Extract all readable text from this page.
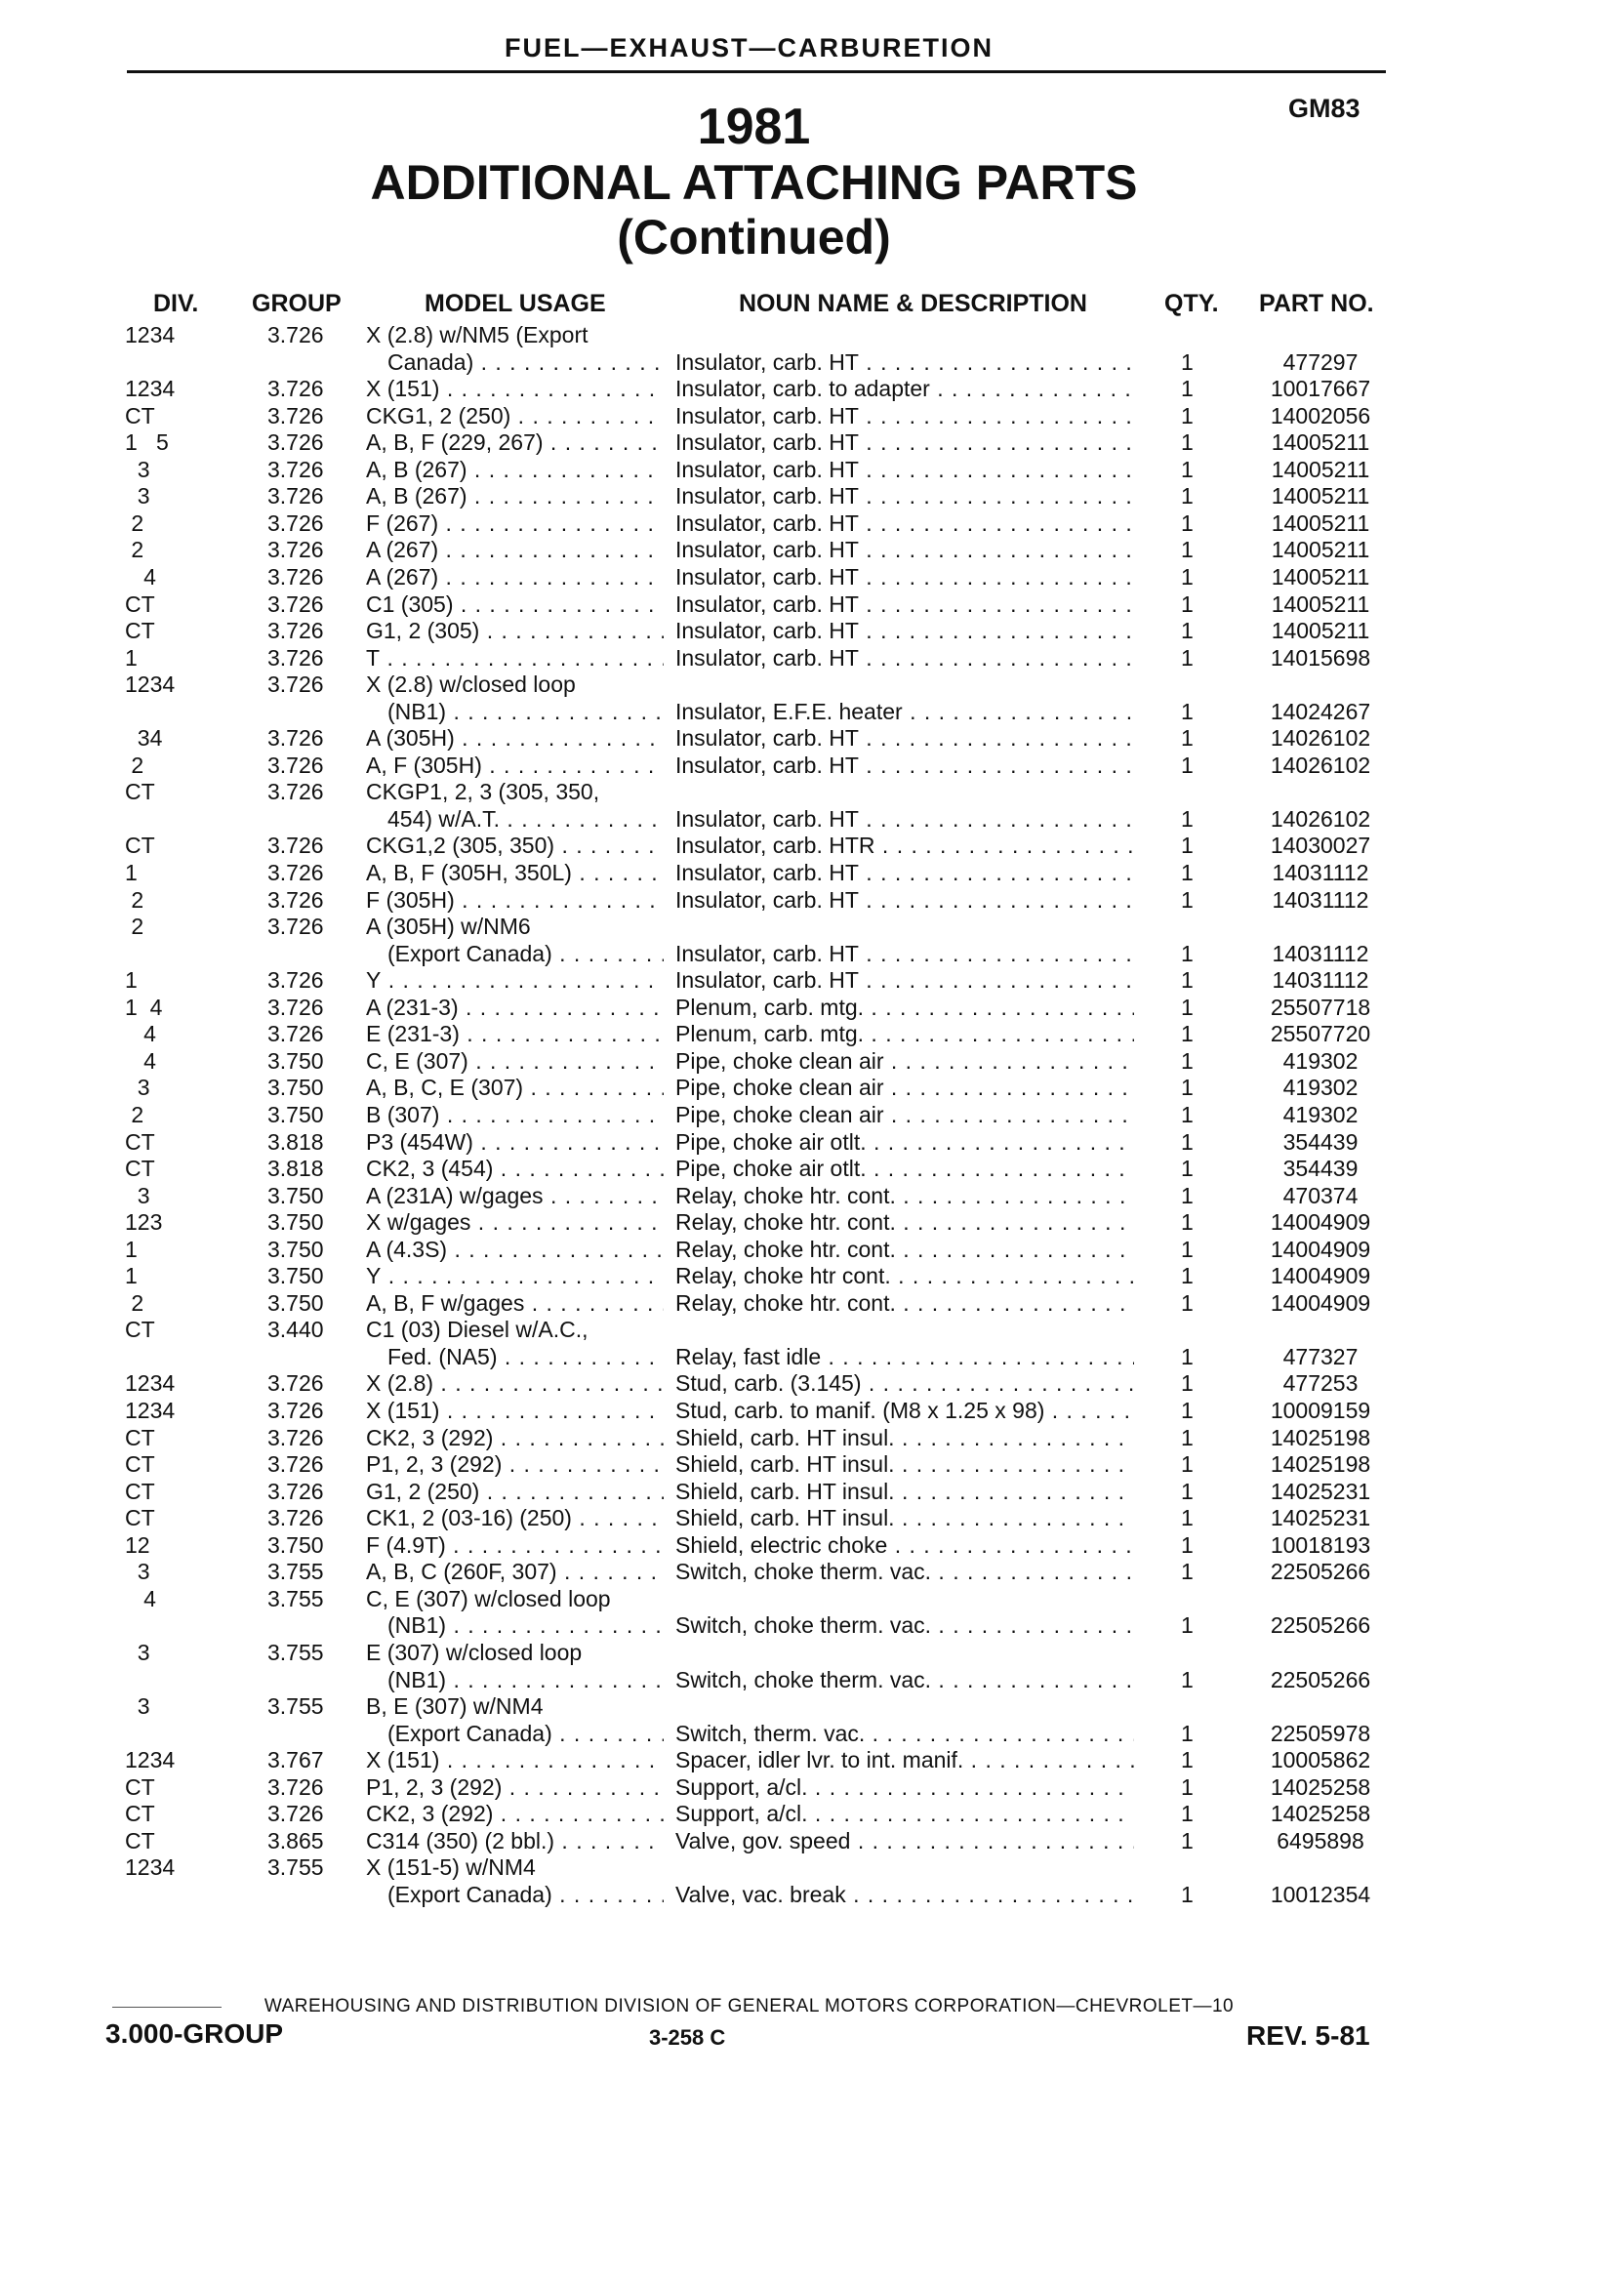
FUEL—EXHAUST—CARBURETION
GM83
1981
ADDITIONAL ATTACHING PARTS
(Continued)
DIV. GROUP	MODEL USAGE	NOUN NAME & DESCRIPTION	QTY. PART NO.
1234	3.726 X (2.8) w/NM5 (Export
Canada) . . .	Insulator, carb. HT . . .	1	477297
1234	3.726 X (151) . . .	Insulator, carb. to adapter . . .	1	10017667
CT	3.726 CKG1, 2 (250) . . .	Insulator, carb. HT . . .	1	14002056
1   5	3.726 A, B, F (229, 267) . . .	Insulator, carb. HT . . .	1	14005211
3	3.726 A, B (267) . . .	Insulator, carb. HT . . .	1	14005211
3	3.726 A, B (267) . . .	Insulator, carb. HT . . .	1	14005211
2	3.726 F (267) . . .	Insulator, carb. HT . . .	1	14005211
2	3.726 A (267) . . .	Insulator, carb. HT . . .	1	14005211
4	3.726 A (267) . . .	Insulator, carb. HT . . .	1	14005211
CT	3.726 C1 (305) . . .	Insulator, carb. HT . . .	1	14005211
CT	3.726 G1, 2 (305) . . .	Insulator, carb. HT . . .	1	14005211
1	3.726 T . . .	Insulator, carb. HT . . .	1	14015698
1234	3.726 X (2.8) w/closed loop
(NB1) . . .	Insulator, E.F.E. heater . . .	1	14024267
34	3.726 A (305H) . . .	Insulator, carb. HT . . .	1	14026102
2	3.726 A, F (305H) . . .	Insulator, carb. HT . . .	1	14026102
CT	3.726 CKGP1, 2, 3 (305, 350,
454) w/A.T. . . .	Insulator, carb. HT . . .	1	14026102
CT	3.726 CKG1,2 (305, 350) . . .	Insulator, carb. HTR . . .	1	14030027
1	3.726 A, B, F (305H, 350L) . . .	Insulator, carb. HT . . .	1	14031112
2	3.726 F (305H) . . .	Insulator, carb. HT . . .	1	14031112
2	3.726 A (305H) w/NM6
(Export Canada) . . .	Insulator, carb. HT . . .	1	14031112
1	3.726 Y . . .	Insulator, carb. HT . . .	1	14031112
1  4	3.726 A (231-3) . . .	Plenum, carb. mtg. . . .	1	25507718
4	3.726 E (231-3) . . .	Plenum, carb. mtg. . . .	1	25507720
4	3.750 C, E (307) . . .	Pipe, choke clean air . . .	1	419302
3	3.750 A, B, C, E (307) . . .	Pipe, choke clean air . . .	1	419302
2	3.750 B (307) . . .	Pipe, choke clean air . . .	1	419302
CT	3.818 P3 (454W) . . .	Pipe, choke air otlt. . . .	1	354439
CT	3.818 CK2, 3 (454) . . .	Pipe, choke air otlt. . . .	1	354439
3	3.750 A (231A) w/gages . . .	Relay, choke htr. cont. . . .	1	470374
123	3.750 X w/gages . . .	Relay, choke htr. cont. . . .	1	14004909
1	3.750 A (4.3S) . . .	Relay, choke htr. cont. . . .	1	14004909
1	3.750 Y . . .	Relay, choke htr cont. . . .	1	14004909
2	3.750 A, B, F w/gages . . .	Relay, choke htr. cont. . . .	1	14004909
CT	3.440 C1 (03) Diesel w/A.C.,
Fed. (NA5) . . .	Relay, fast idle . . .	1	477327
1234	3.726 X (2.8) . . .	Stud, carb. (3.145) . . .	1	477253
1234	3.726 X (151) . . .	Stud, carb. to manif. (M8 x 1.25 x 98) . . .	1	10009159
CT	3.726 CK2, 3 (292) . . .	Shield, carb. HT insul. . . .	1	14025198
CT	3.726 P1, 2, 3 (292) . . .	Shield, carb. HT insul. . . .	1	14025198
CT	3.726 G1, 2 (250) . . .	Shield, carb. HT insul. . . .	1	14025231
CT	3.726 CK1, 2 (03-16) (250) . . .	Shield, carb. HT insul. . . .	1	14025231
12	3.750 F (4.9T) . . .	Shield, electric choke . . .	1	10018193
3	3.755 A, B, C (260F, 307) . . .	Switch, choke therm. vac. . . .	1	22505266
4	3.755 C, E (307) w/closed loop
(NB1) . . .	Switch, choke therm. vac. . . .	1	22505266
3	3.755 E (307) w/closed loop
(NB1) . . .	Switch, choke therm. vac. . . .	1	22505266
3	3.755 B, E (307) w/NM4
(Export Canada) . . .	Switch, therm. vac. . . .	1	22505978
1234	3.767 X (151) . . .	Spacer, idler lvr. to int. manif. . . .	1	10005862
CT	3.726 P1, 2, 3 (292) . . .	Support, a/cl. . . .	1	14025258
CT	3.726 CK2, 3 (292) . . .	Support, a/cl. . . .	1	14025258
CT	3.865 C314 (350) (2 bbl.) . . .	Valve, gov. speed . . .	1	6495898
1234	3.755 X (151-5) w/NM4
(Export Canada) . . .	Valve, vac. break . . .	1	10012354
WAREHOUSING AND DISTRIBUTION DIVISION OF GENERAL MOTORS CORPORATION—CHEVROLET—10
3.000-GROUP	3-258 C	REV. 5-81
